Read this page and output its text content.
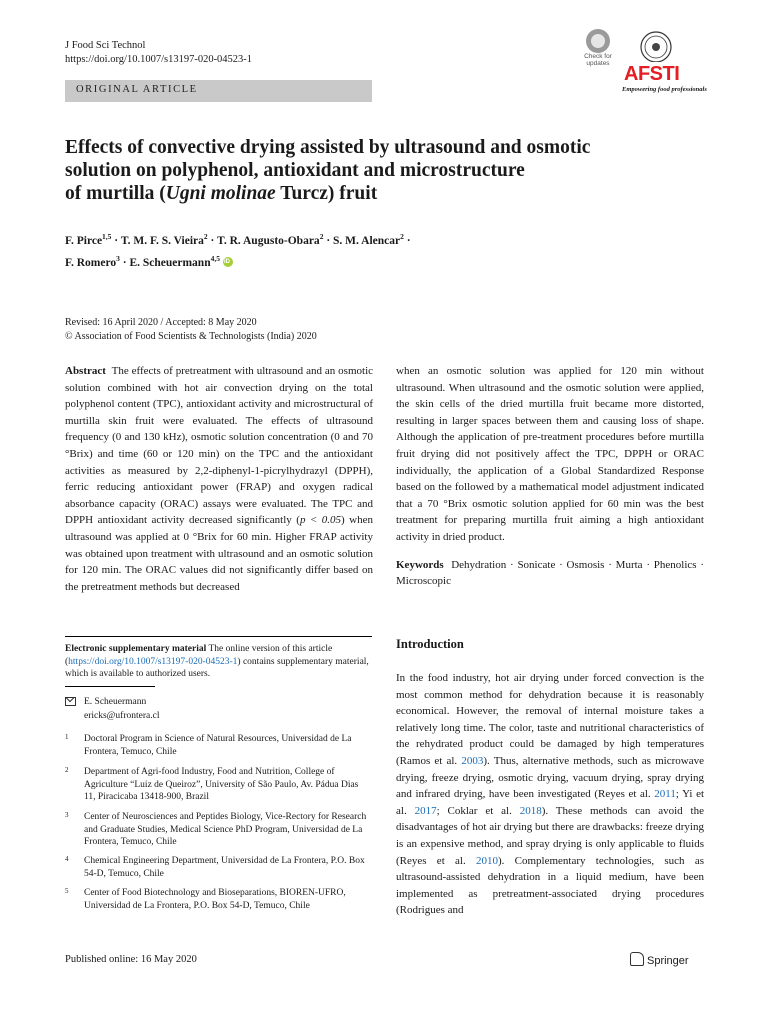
J Food Sci Technol
https://doi.org/10.1007/s13197-020-04523-1
ORIGINAL ARTICLE
Check for updates AFSTI
Empowering food professionals
Effects of convective drying assisted by ultrasound and osmotic
solution on polyphenol, antioxidant and microstructure
of murtilla (Ugni molinae Turcz) fruit
F. Pirce$^{1,5}$ · T. M. F. S. Vieira$^2$ · T. R. Augusto-Obara$^2$ · S. M. Alencar$^2$ ·
F. Romero$^3$ · E. Scheuermann$^{4,5}$iD
Revised: 16 April 2020 / Accepted: 8 May 2020
© Association of Food Scientists & Technologists (India) 2020
Abstract The effects of pretreatment with ultrasound and an osmotic solution combined with hot air convection drying on the total polyphenol content (TPC), antioxidant activity and microstructural of murtilla skin fruit were evaluated. The effects of ultrasound frequency (0 and 130 kHz), osmotic solution concentration (0 and 70 °Brix) and time (60 or 120 min) on the TPC and the antioxidant activities as measured by 2,2-diphenyl-1-picrylhydrazyl (DPPH), ferric reducing antioxidant power (FRAP) and oxygen radical absorbance capacity (ORAC) assays were evaluated. The TPC and DPPH antioxidant activity decreased significantly (p < 0.05) when ultrasound was applied at 0 °Brix for 60 min. Higher FRAP activity was obtained upon treatment with ultrasound and an osmotic solution for 120 min. The ORAC values did not significantly differ based on the pretreatment methods but decreased
when an osmotic solution was applied for 120 min without ultrasound. When ultrasound and the osmotic solution were applied, the skin cells of the dried murtilla fruit became more distorted, resulting in larger spaces between them and causing loss of shape. Although the application of pre-treatment procedures before murtilla fruit drying did not positively affect the TPC, DPPH or ORAC individually, the application of a Global Standardized Response based on the followed by a mathematical model adjustment indicated that a 70 °Brix osmotic solution applied for 60 min was the best treatment for preparing murtilla fruit aiming a high antioxidant activity in dried product.
Keywords Dehydration · Sonicate · Osmosis · Murta · Phenolics · Microscopic
Introduction
In the food industry, hot air drying under forced convection is the most common method for dehydration because it is reasonably economical. However, the removal of internal moisture takes a relatively long time. The color, taste and nutritional characteristics of the rehydrated product could be damaged by high temperatures (Ramos et al. 2003). Thus, alternative methods, such as microwave drying, freeze drying, osmotic drying, vacuum drying, spray drying and infrared drying, have been investigated (Reyes et al. 2011; Yi et al. 2017; Coklar et al. 2018). These methods can avoid the disadvantages of hot air drying but there are drawbacks: freeze drying is an expensive method, and spray drying is only applicable to fluids (Reyes et al. 2010). Complementary technologies, such as ultrasound-assisted dehydration in a liquid medium, have been implemented as pretreatment-associated drying procedures (Rodrigues and
Electronic supplementary material The online version of this article (https://doi.org/10.1007/s13197-020-04523-1) contains supplementary material, which is available to authorized users.
E. Scheuermann
ericks@ufrontera.cl
1 Doctoral Program in Science of Natural Resources, Universidad de La Frontera, Temuco, Chile
2 Department of Agri-food Industry, Food and Nutrition, College of Agriculture “Luiz de Queiroz”, University of São Paulo, Av. Pádua Dias 11, Piracicaba 13418-900, Brazil
3 Center of Neurosciences and Peptides Biology, Vice-Rectory for Research and Graduate Studies, Medical Science PhD Program, Universidad de La Frontera, Temuco, Chile
4 Chemical Engineering Department, Universidad de La Frontera, P.O. Box 54-D, Temuco, Chile
5 Center of Food Biotechnology and Bioseparations, BIOREN-UFRO, Universidad de La Frontera, P.O. Box 54-D, Temuco, Chile
Published online: 16 May 2020	Springer
